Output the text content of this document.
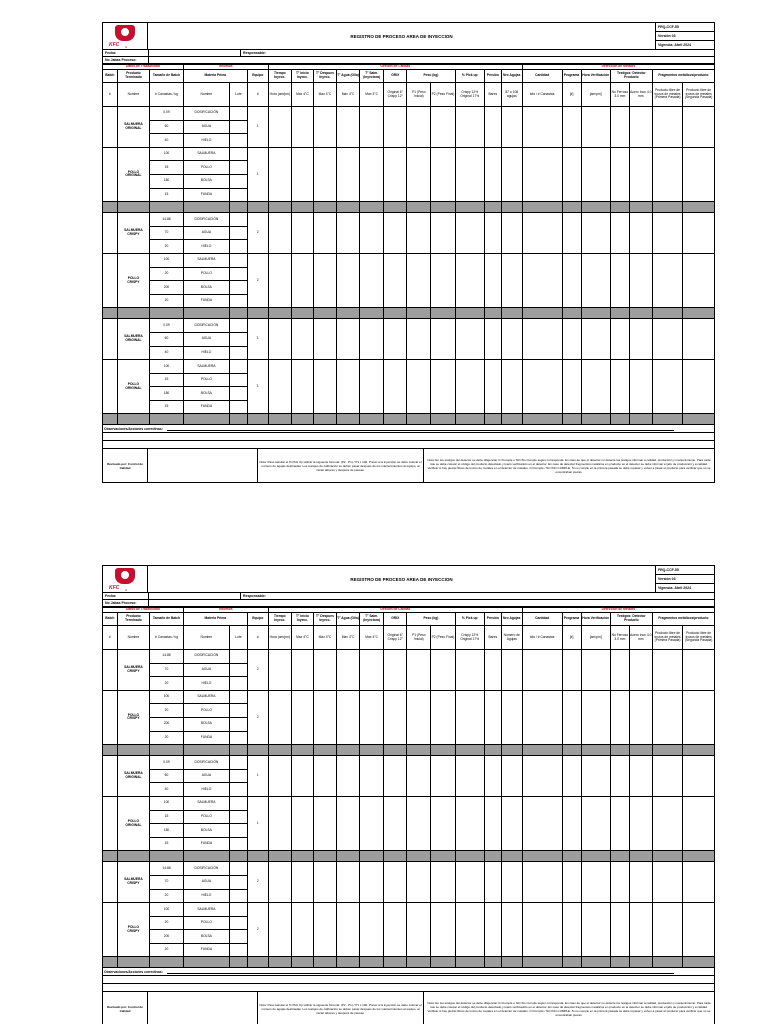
KFC 4
REGISTRO DE PROCESO AREA DE INYECCION
FRQ-CCF-55
Versión 03
Vigencia: Abril 2024
Fecha:	Responsable:
No Jabas Proceso:
Datos de Trazabilidad			Insumos			Gestión de Calidad											Detección de Metales						
Batch	Producto Terminado	Tamaño de Batch	Materia Prima		Equipo	Tiempo Inyecc.	T° inicio Inyecc.	T° Despues Inyecc.	T° Agua (Olla)	T° Salm. (Inyectora)	GRIX	Peso (kg)		% Pick up	Presión	Nro Agujas	Cantidad	Programa	Hora Verificación	Testigos: Detector Producto		Fragmentos metálicos/producto	
#	Nombre	# Canastas / kg	Nombre	Lote	#	Hora (am/pm)	Max 4°C	Max 4°C	Max 4°C	Max 4°C	Original 6° Crispy 12°	P1 (Peso Inicial)	P2 (Peso Final)	Crispy 12% Original 17%	Bares	87 o 108 agujas	kits / # Canastas	[#]	[am/pm]	No Ferroso 3.0 mm	Acero Inox 4.0 mm	Producto libre de trozos de metales (Primera Pasada)	Producto libre de trozos de metales (Segunda Pasada)

	SALMUERA
ORIGINAL	0.09	DOSIFICACIÓN		1																		
		60	AGUA																				
		40	HIELO																				

	POLLO
ORIGINAL	100	SALMUERA		1																		
		15	POLLO																				
		180	BOLSA																				
		15	FUNDA																				

	SALMUERA
CRISPY	14.88	DOSIFICACIÓN		2																		
		70	AGUA																				
		20	HIELO																				

	POLLO
CRISPY	100	SALMUERA		2																		
		20	POLLO																				
		200	BOLSA																				
		20	FUNDA																				

	SALMUERA
ORIGINAL	0.09	DOSIFICACIÓN		1																		
		60	AGUA																				
		40	HIELO																				

	POLLO
ORIGINAL	100	SALMUERA		1																		
		15	POLLO																				
		180	BOLSA																				
		15	FUNDA																				

Observaciones/Acciones correctivas:
Revisado por: Control de Calidad
Nota: Para calcular el % Pick Up utilizar la siguiente fórmula: (P2 - P1) / P1 x 100. Previo a la inyección se debe colocar el número de agujas destinadas. Los testigos de calibración se deben pasar después de los mantenimientos al equipo, al iniciar labores y después de pausas.
Nota: En los testigos del detector se debe diligenciar C=Cumple o NC=No Cumple según corresponda. En caso de que el detector no detecte los testigos informar a calidad, producción y mantenimiento. Para cada lote se debe colocar el código del producto detectado y lote/s verificado/s en el detector. En caso de detectar fragmentos metálicos en producto en el detector se debe informar el jefe de producción y a calidad. Verificar si hay piezas libres de trozos de metales en el detector de metales. C=Cumple / NC=NO CUMPLE. Si no cumple en la primera pasada se debe repasar y volver a pasar el producto para verificar que no se encontraban piezas.
KFC 4
REGISTRO DE PROCESO AREA DE INYECCION
FRQ-CCF-55
Versión 03
Vigencia: Abril 2024
Fecha:	Responsable:
No Jabas Proceso:
Datos de Trazabilidad			Insumos			Gestión de Calidad											Detección de Metales						
Batch	Producto Terminado	Tamaño de Batch	Materia Prima		Equipo	Tiempo Inyecc.	T° inicio Inyecc.	T° Despues Inyecc.	T° Agua (Olla)	T° Salm. (Inyectora)	GRIX	Peso (kg)		% Pick up	Presión	Nro Agujas	Cantidad	Programa	Hora Verificación	Testigos: Detector Producto		Fragmentos metálicos/producto	
#	Nombre	# Canastas / kg	Nombre	Lote	#	Hora (am/pm)	Max 4°C	Max 4°C	Max 4°C	Max 4°C	Original 6° Crispy 12°	P1 (Peso Inicial)	P2 (Peso Final)	Crispy 12% Original 17%	Bares	Número de Agujas	kits / # Canastas	[#]	[am/pm]	No Ferroso 3.0 mm	Acero Inox 4.0 mm	Producto libre de trozos de metales (Primera Pasada)	Producto libre de trozos de metales (Segunda Pasada)

	SALMUERA
CRISPY	14.88	DOSIFICACIÓN		2																		
		70	AGUA																				
		20	HIELO																				

	POLLO
CRISPY	100	SALMUERA		2																		
		20	POLLO																				
		200	BOLSA																				
		20	FUNDA																				

	SALMUERA
ORIGINAL	0.09	DOSIFICACIÓN		1																		
		60	AGUA																				
		40	HIELO																				

	POLLO
ORIGINAL	100	SALMUERA		1																		
		15	POLLO																				
		180	BOLSA																				
		15	FUNDA																				

	SALMUERA
CRISPY	14.88	DOSIFICACIÓN		2																		
		70	AGUA																				
		20	HIELO																				

	POLLO
CRISPY	100	SALMUERA		2																		
		20	POLLO																				
		200	BOLSA																				
		20	FUNDA																				

Observaciones/Acciones correctivas:
Revisado por: Control de Calidad
Nota: Para calcular el % Pick Up utilizar la siguiente fórmula: (P2 - P1) / P1 x 100. Previo a la inyección se debe colocar el número de agujas destinadas. Los testigos de calibración se deben pasar después de los mantenimientos al equipo, al iniciar labores y después de pausas.
Nota: En los testigos del detector se debe diligenciar C=Cumple o NC=No Cumple según corresponda. En caso de que el detector no detecte los testigos informar a calidad, producción y mantenimiento. Para cada lote se debe colocar el código del producto detectado y lote/s verificado/s en el detector. En caso de detectar fragmentos metálicos en producto en el detector se debe informar el jefe de producción y a calidad. Verificar si hay piezas libres de trozos de metales en el detector de metales. C=Cumple / NC=NO CUMPLE. Si no cumple en la primera pasada se debe repasar y volver a pasar el producto para verificar que no se encontraban piezas.
